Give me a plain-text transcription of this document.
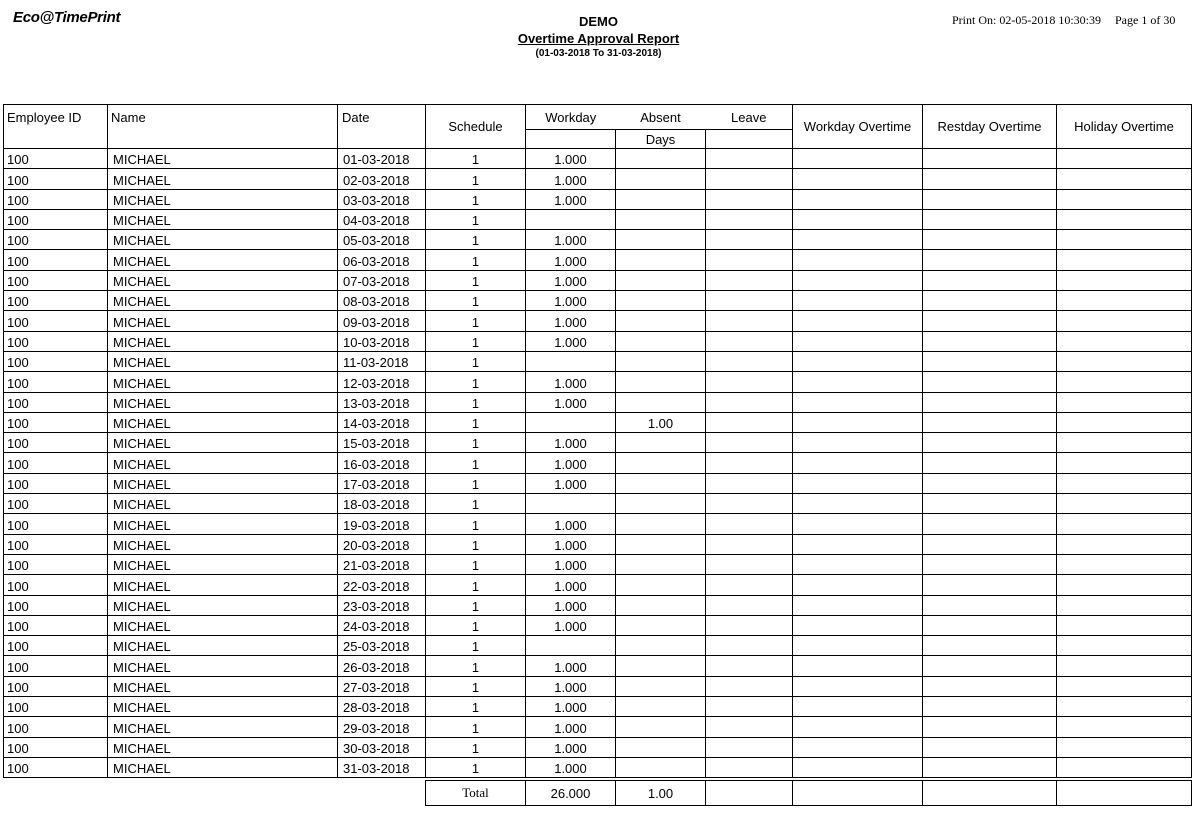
Eco@TimePrint	DEMO
Overtime Approval Report
(01-03-2018 To 31-03-2018)
Print On: 02-05-2018 10:30:39 Page 1 of 30
Employee ID	Name	Date	Schedule	Workday	Absent	Leave	Workday Overtime	Restday Overtime	Holiday Overtime
					Days				

100	MICHAEL	01-03-2018	1	1.000					

100	MICHAEL	02-03-2018	1	1.000					

100	MICHAEL	03-03-2018	1	1.000					

100	MICHAEL	04-03-2018	1						

100	MICHAEL	05-03-2018	1	1.000					

100	MICHAEL	06-03-2018	1	1.000					

100	MICHAEL	07-03-2018	1	1.000					

100	MICHAEL	08-03-2018	1	1.000					

100	MICHAEL	09-03-2018	1	1.000					

100	MICHAEL	10-03-2018	1	1.000					

100	MICHAEL	11-03-2018	1						

100	MICHAEL	12-03-2018	1	1.000					

100	MICHAEL	13-03-2018	1	1.000					

100	MICHAEL	14-03-2018	1		1.00				

100	MICHAEL	15-03-2018	1	1.000					

100	MICHAEL	16-03-2018	1	1.000					

100	MICHAEL	17-03-2018	1	1.000					

100	MICHAEL	18-03-2018	1						

100	MICHAEL	19-03-2018	1	1.000					

100	MICHAEL	20-03-2018	1	1.000					

100	MICHAEL	21-03-2018	1	1.000					

100	MICHAEL	22-03-2018	1	1.000					

100	MICHAEL	23-03-2018	1	1.000					

100	MICHAEL	24-03-2018	1	1.000					

100	MICHAEL	25-03-2018	1						

100	MICHAEL	26-03-2018	1	1.000					

100	MICHAEL	27-03-2018	1	1.000					

100	MICHAEL	28-03-2018	1	1.000					

100	MICHAEL	29-03-2018	1	1.000					

100	MICHAEL	30-03-2018	1	1.000					

100	MICHAEL	31-03-2018	1	1.000					

			Total	26.000	1.00				
